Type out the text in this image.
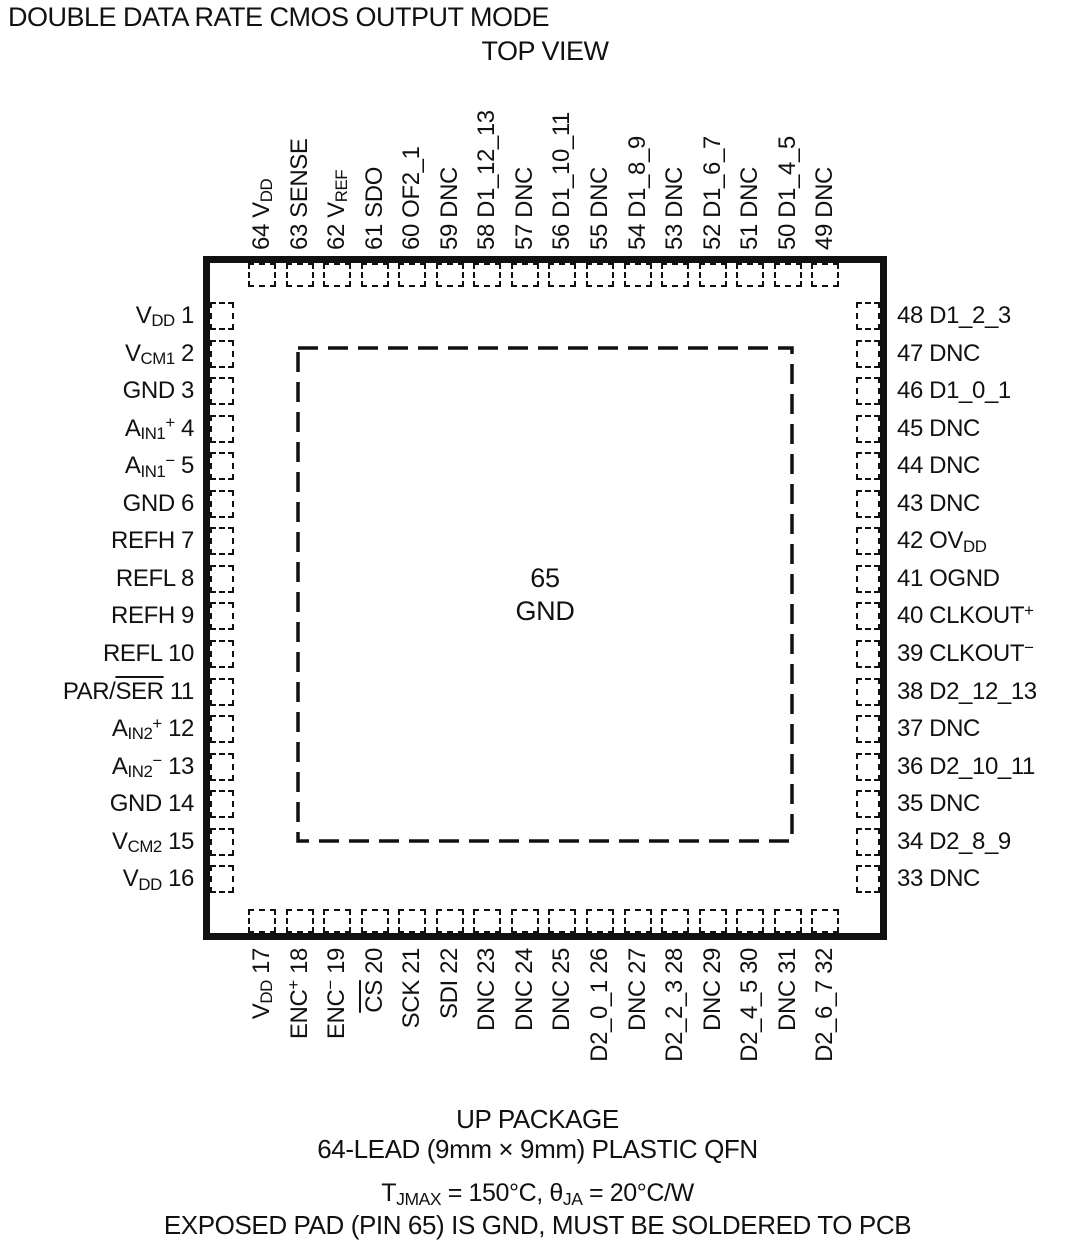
DOUBLE DATA RATE CMOS OUTPUT MODE
TOP VIEW
65
GND
64 $V_{DD}$ 63 SENSE 62 $V_{REF}$ 61 SDO 60 OF2_1 59 DNC 58 D1_12_13 57 DNC 56 D1_10_11 55 DNC 54 D1_8_9 53 DNC 52 D1_6_7 51 DNC 50 D1_4_5 49 DNC
$V_{DD}$ 17
ENC+ 18
ENC− 19
$\overline{CS}$ 20 SCK 21 SDI 22 DNC 23 DNC 24 DNC 25 D2_0_1 26 DNC 27 D2_2_3 28 DNC 29 D2_4_5 30 DNC 31 D2_6_7 32
$V_{DD}$ 1
$V_{CM1}$ 2
GND 3
$A_{IN1}^+$ 4
$A_{IN1}^-$ 5
GND 6
REFH 7
REFL 8
REFH 9
REFL 10
PAR/$\overline{SER}$ 11
$A_{IN2}^+$ 12
$A_{IN2}^-$ 13
GND 14
$V_{CM2}$ 15
$V_{DD}$ 16
48 D1_2_3
47 DNC
46 D1_0_1
45 DNC
44 DNC
43 DNC
42 $OV_{DD}$
41 OGND
40 CLKOUT+
39 CLKOUT−
38 D2_12_13
37 DNC
36 D2_10_11
35 DNC
34 D2_8_9
33 DNC
UP PACKAGE
64-LEAD (9mm × 9mm) PLASTIC QFN
$T_{JMAX} = 150^\circ C$, $\theta_{JA} = 20^\circ C/W$
EXPOSED PAD (PIN 65) IS GND, MUST BE SOLDERED TO PCB
